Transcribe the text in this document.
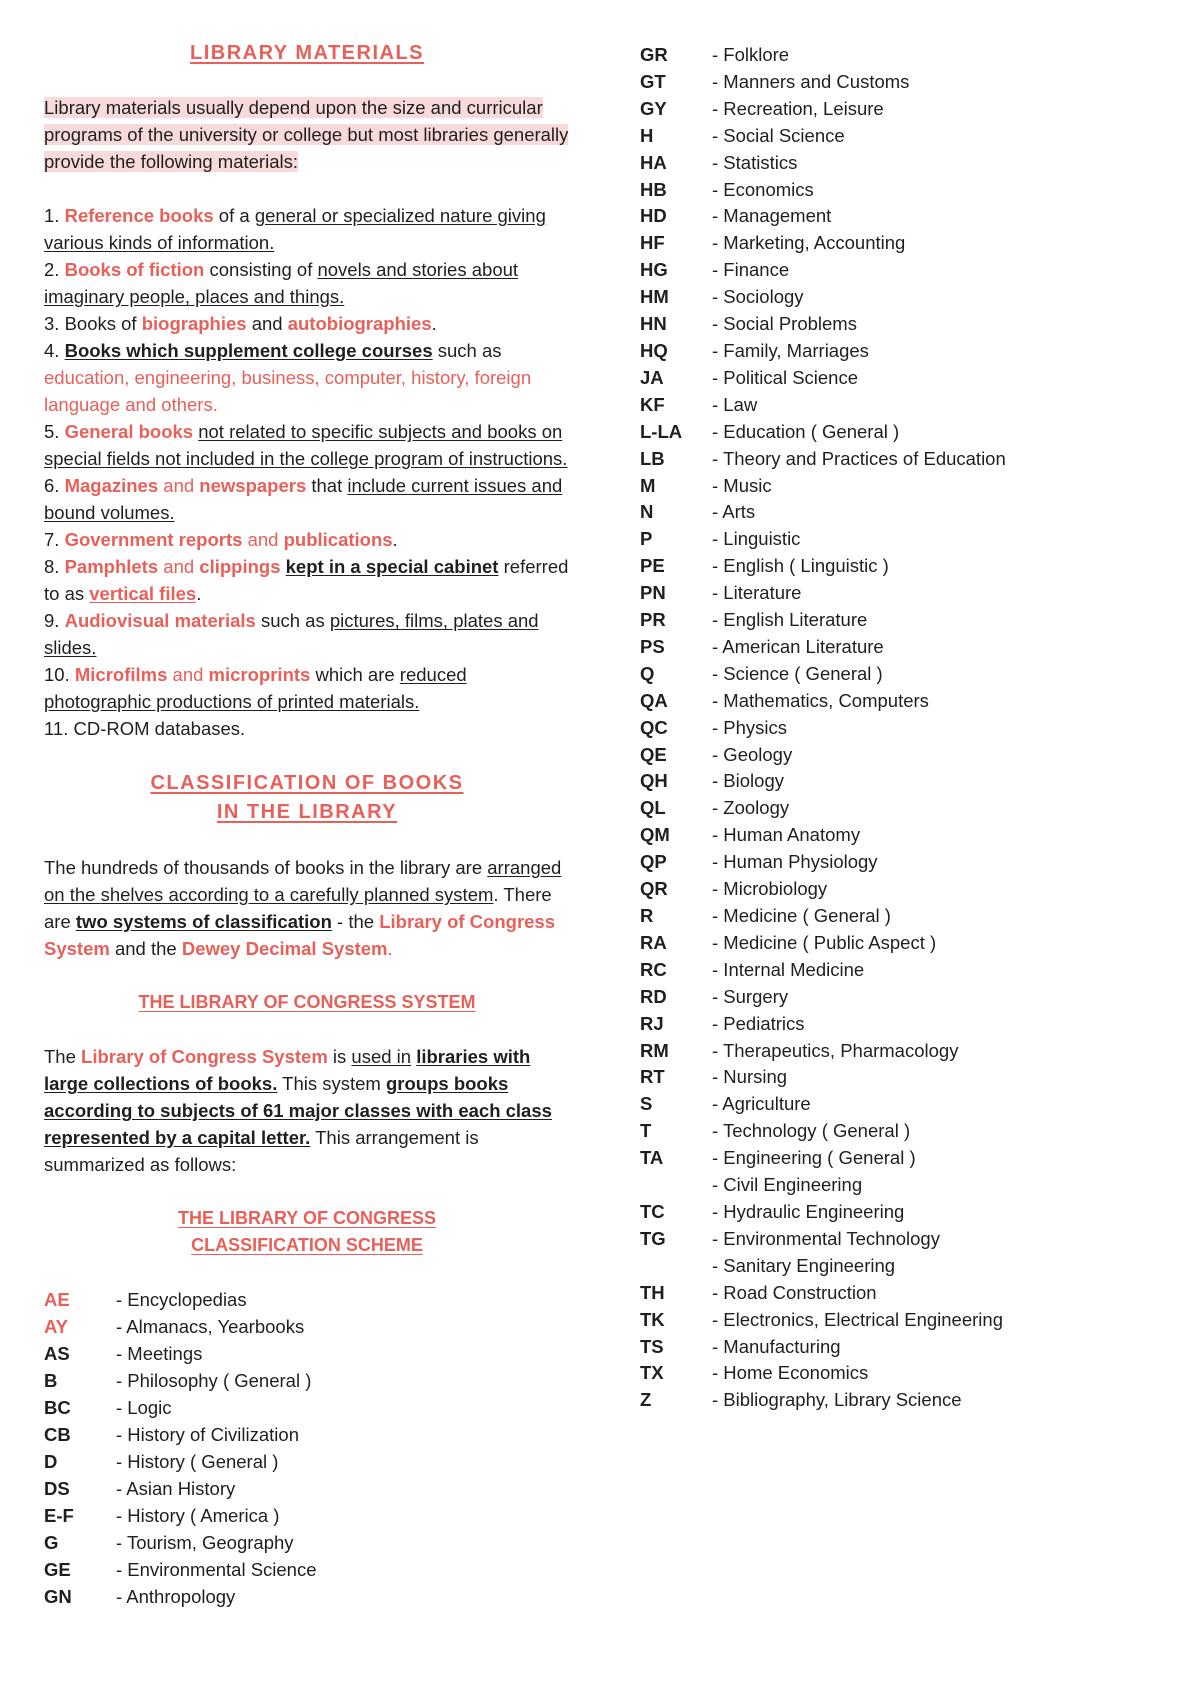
LIBRARY MATERIALS

Library materials usually depend upon the size and curricular programs of the university or college but most libraries generally provide the following materials:

1. Reference books of a general or specialized nature giving various kinds of information.

2. Books of fiction consisting of novels and stories about imaginary people, places and things.

3. Books of biographies and autobiographies.

4. Books which supplement college courses such as education, engineering, business, computer, history, foreign language and others.

5. General books not related to specific subjects and books on special fields not included in the college program of instructions.

6. Magazines and newspapers that include current issues and bound volumes.

7. Government reports and publications.

8. Pamphlets and clippings kept in a special cabinet referred to as vertical files.

9. Audiovisual materials such as pictures, films, plates and slides.

10. Microfilms and microprints which are reduced photographic productions of printed materials.

11. CD-ROM databases.

CLASSIFICATION OF BOOKS

IN THE LIBRARY

The hundreds of thousands of books in the library are arranged on the shelves according to a carefully planned system. There are two systems of classification - the Library of Congress System and the Dewey Decimal System.

THE LIBRARY OF CONGRESS SYSTEM

The Library of Congress System is used in libraries with large collections of books. This system groups books according to subjects of 61 major classes with each class represented by a capital letter. This arrangement is summarized as follows:

THE LIBRARY OF CONGRESS

CLASSIFICATION SCHEME

AE	- Encyclopedias
AY	- Almanacs, Yearbooks
AS	- Meetings
B	- Philosophy ( General )
BC	- Logic
CB	- History of Civilization
D	- History ( General )
DS	- Asian History
E-F	- History ( America )
G	- Tourism, Geography
GE	- Environmental Science
GN	- Anthropology
GR	- Folklore
GT	- Manners and Customs
GY	- Recreation, Leisure
H	- Social Science
HA	- Statistics
HB	- Economics
HD	- Management
HF	- Marketing, Accounting
HG	- Finance
HM	- Sociology
HN	- Social Problems
HQ	- Family, Marriages
JA	- Political Science
KF	- Law
L-LA	- Education ( General )
LB	- Theory and Practices of Education
M	- Music
N	- Arts
P	- Linguistic
PE	- English ( Linguistic )
PN	- Literature
PR	- English Literature
PS	- American Literature
Q	- Science ( General )
QA	- Mathematics, Computers
QC	- Physics
QE	- Geology
QH	- Biology
QL	- Zoology
QM	- Human Anatomy
QP	- Human Physiology
QR	- Microbiology
R	- Medicine ( General )
RA	- Medicine ( Public Aspect )
RC	- Internal Medicine
RD	- Surgery
RJ	- Pediatrics
RM	- Therapeutics, Pharmacology
RT	- Nursing
S	- Agriculture
T	- Technology ( General )
TA	- Engineering ( General )
- Civil Engineering
TC	- Hydraulic Engineering
TG	- Environmental Technology
- Sanitary Engineering
TH	- Road Construction
TK	- Electronics, Electrical Engineering
TS	- Manufacturing
TX	- Home Economics
Z	- Bibliography, Library Science
